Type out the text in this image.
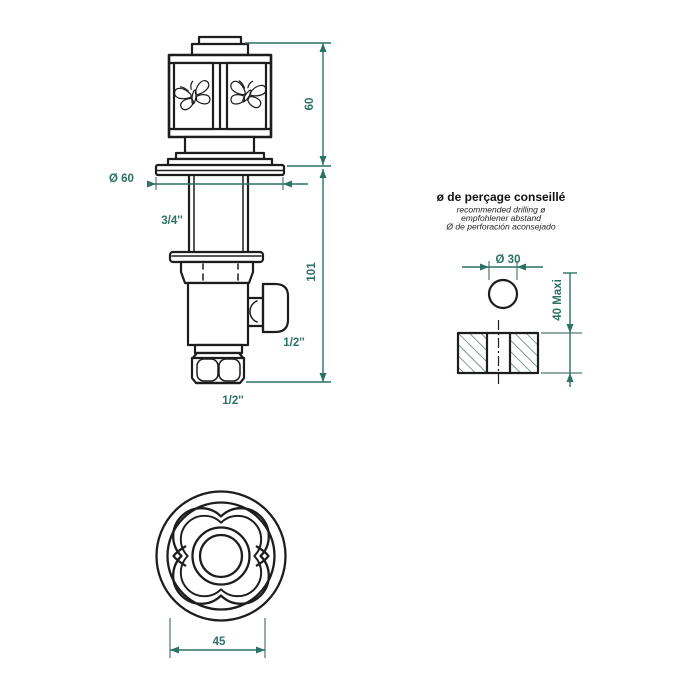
60
101
Ø 60
3/4''
1/2''
1/2''
ø de perçage conseillé
recommended drilling ø
empfohlener abstand
Ø de perforación aconsejado
Ø 30
40 Maxi
45
